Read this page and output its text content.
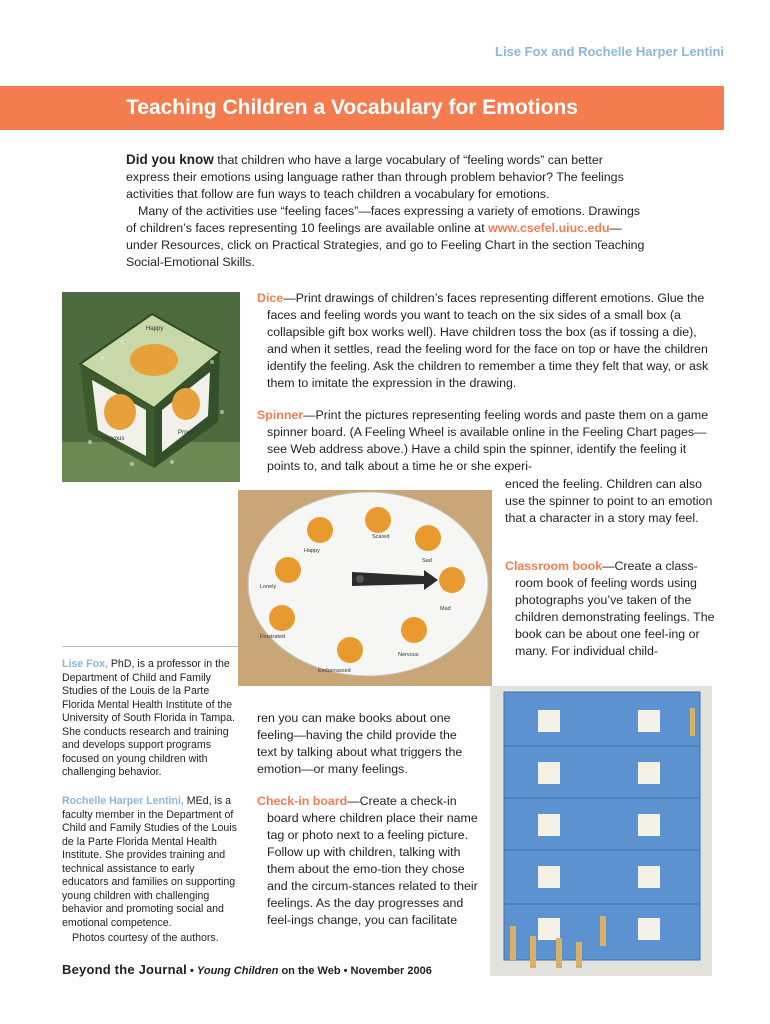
Lise Fox and Rochelle Harper Lentini
Teaching Children a Vocabulary for Emotions

Did you know that children who have a large vocabulary of “feeling words” can better express their emotions using language rather than through problem behavior? The feelings activities that follow are fun ways to teach children a vocabulary for emotions.

Many of the activities use “feeling faces”—faces expressing a variety of emotions. Drawings of children’s faces representing 10 feelings are available online at www.csefel.uiuc.edu—under Resources, click on Practical Strategies, and go to Feeling Chart in the section Teaching Social-Emotional Skills.

Happy
Nervous
Proud

Dice—Print drawings of children’s faces representing different emotions. Glue the faces and feeling words you want to teach on the six sides of a small box (a collapsible gift box works well). Have children toss the box (as if tossing a die), and when it settles, read the feeling word for the face on top or have the children identify the feeling. Ask the children to remember a time they felt that way, or ask them to imitate the expression in the drawing.

Spinner—Print the pictures representing feeling words and paste them on a game spinner board. (A Feeling Wheel is available online in the Feeling Chart pages—see Web address above.) Have a child spin the spinner, identify the feeling it points to, and talk about a time he or she experi-

Scared
Happy
Sad
Lonely
Mad
Frustrated
Nervous
Embarrassed

enced the feeling. Children can also use the spinner to point to an emotion that a character in a story may feel.

Classroom book—Create a class-room book of feeling words using photographs you’ve taken of the children demonstrating feelings. The book can be about one feel-ing or many. For individual child-

Lise Fox, PhD, is a professor in the Department of Child and Family Studies of the Louis de la Parte Florida Mental Health Institute of the University of South Florida in Tampa. She conducts research and training and develops support programs focused on young children with challenging behavior.

Rochelle Harper Lentini, MEd, is a faculty member in the Department of Child and Family Studies of the Louis de la Parte Florida Mental Health Institute. She provides training and technical assistance to early educators and families on supporting young children with challenging behavior and promoting social and emotional competence.

Photos courtesy of the authors.

ren you can make books about one feeling—having the child provide the text by talking about what triggers the emotion—or many feelings.

Check-in board—Create a check-in board where children place their name tag or photo next to a feeling picture. Follow up with children, talking with them about the emo-tion they chose and the circum-stances related to their feelings. As the day progresses and feel-ings change, you can facilitate

Beyond the Journal • Young Children on the Web • November 2006
